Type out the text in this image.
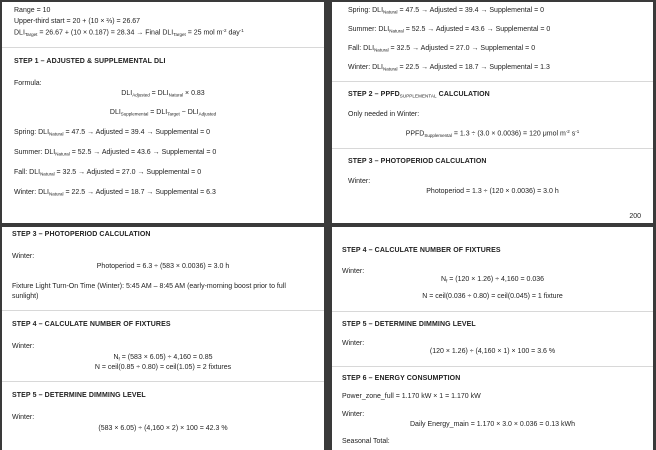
Range = 10
Upper-third start = 20 + (10 × ⅔) = 26.67
$DLI_{Target} = 26.67 + (10 \times 0.187) = 28.34$ → Final $DLI_{Target} = 25$ mol $m^{-2}$ day$^{-1}$
STEP 1 – ADJUSTED & SUPPLEMENTAL DLI
Formula:
$DLI_{Adjusted} = DLI_{Natural} \times 0.83$
$DLI_{Supplemental} = DLI_{Target} - DLI_{Adjusted}$
Spring: $DLI_{Natural} = 47.5$ → Adjusted = 39.4 → Supplemental = 0
Summer: $DLI_{Natural} = 52.5$ → Adjusted = 43.6 → Supplemental = 0
Fall: $DLI_{Natural} = 32.5$ → Adjusted = 27.0 → Supplemental = 0
Winter: $DLI_{Natural} = 22.5$ → Adjusted = 18.7 → Supplemental = 6.3
Spring: $DLI_{Natural} = 47.5$ → Adjusted = 39.4 → Supplemental = 0
Summer: $DLI_{Natural} = 52.5$ → Adjusted = 43.6 → Supplemental = 0
Fall: $DLI_{Natural} = 32.5$ → Adjusted = 27.0 → Supplemental = 0
Winter: $DLI_{Natural} = 22.5$ → Adjusted = 18.7 → Supplemental = 1.3
STEP $2 - PPFD_{SUPPLEMENTAL}$ CALCULATION
Only needed in Winter:
$PPFD_{Supplemental} = 1.3 \div (3.0 \times 0.0036) = 120$ μmol $m^{-2}$ $s^{-1}$
STEP 3 – PHOTOPERIOD CALCULATION
Winter:
Photoperiod = 1.3 ÷ (120 × 0.0036) = 3.0 h
200
STEP 3 – PHOTOPERIOD CALCULATION
Winter:
Photoperiod = 6.3 ÷ (583 × 0.0036) = 3.0 h
Fixture Light Turn-On Time (Winter): 5:45 AM – 8:45 AM (early-morning boost prior to full
sunlight)
STEP 4 – CALCULATE NUMBER OF FIXTURES
Winter:
$N_f = (583 \times 6.05) \div 4,160 = 0.85$
N = ceil(0.85 ÷ 0.80) = ceil(1.05) = 2 fixtures
STEP 5 – DETERMINE DIMMING LEVEL
Winter:
(583 × 6.05) ÷ (4,160 × 2) × 100 = 42.3 %
STEP 4 – CALCULATE NUMBER OF FIXTURES
Winter:
$N_f = (120 \times 1.26) \div 4,160 = 0.036$
N = ceil(0.036 ÷ 0.80) = ceil(0.045) = 1 fixture
STEP 5 – DETERMINE DIMMING LEVEL
Winter:
(120 × 1.26) ÷ (4,160 × 1) × 100 = 3.6 %
STEP 6 – ENERGY CONSUMPTION
Power_zone_full = 1.170 kW × 1 = 1.170 kW
Winter:
Daily Energy_main = 1.170 × 3.0 × 0.036 = 0.13 kWh
Seasonal Total:
